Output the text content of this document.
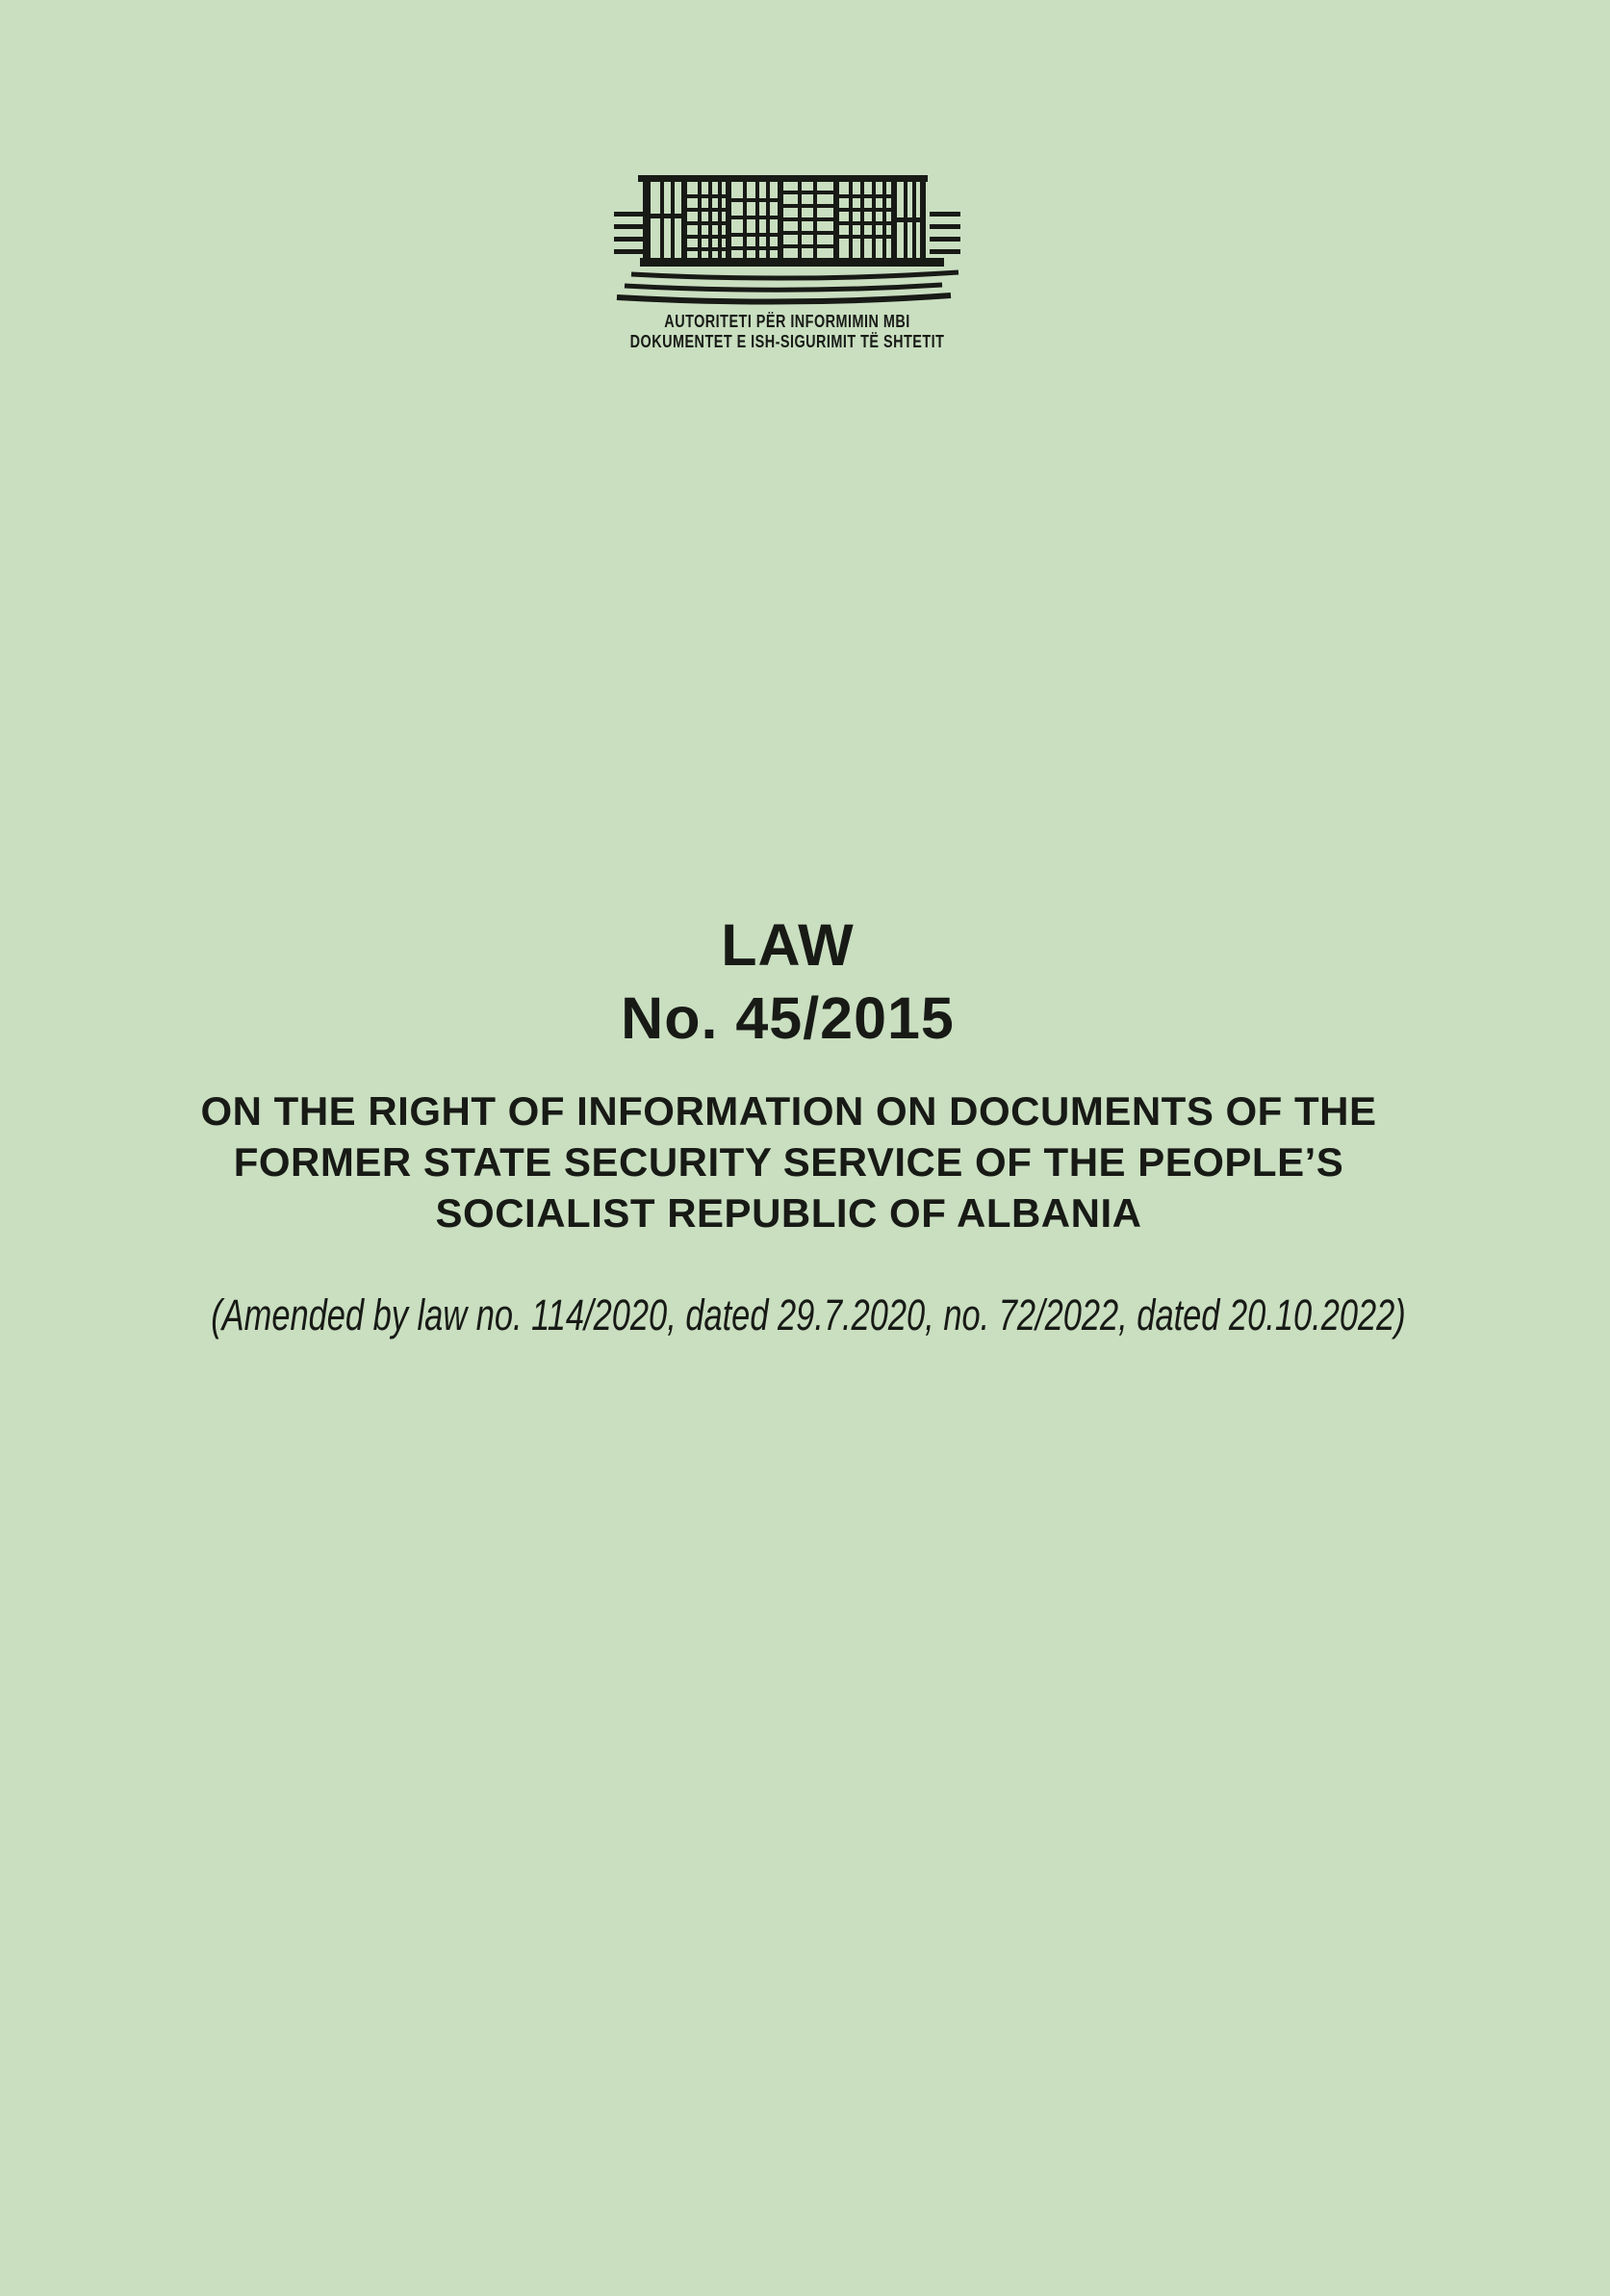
AUTORITETI PËR INFORMIMIN MBI
DOKUMENTET E ISH-SIGURIMIT TË SHTETIT
LAW
No. 45/2015
ON THE RIGHT OF INFORMATION ON DOCUMENTS OF THE
FORMER STATE SECURITY SERVICE OF THE PEOPLE’S
SOCIALIST REPUBLIC OF ALBANIA
(Amended by law no. 114/2020, dated 29.7.2020, no. 72/2022, dated 20.10.2022)
